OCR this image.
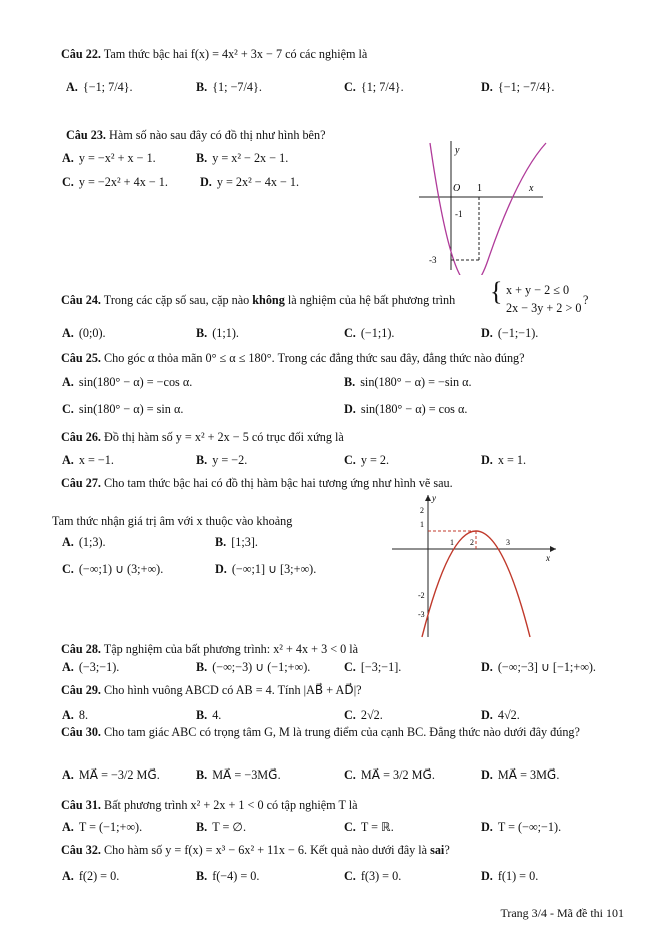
Câu 22. Tam thức bậc hai f(x) = 4x² + 3x − 7 có các nghiệm là
A. {−1; 7/4}.	B. {1; −7/4}.	C. {1; 7/4}.	D. {−1; −7/4}.
Câu 23. Hàm số nào sau đây có đồ thị như hình bên?
A. y = −x² + x − 1.	B. y = x² − 2x − 1.
C. y = −2x² + 4x − 1.	D. y = 2x² − 4x − 1.
y
O 1	x
-1
-3
Câu 24. Trong các cặp số sau, cặp nào không là nghiệm của hệ bất phương trình { x + y − 2 ≤ 0
2x − 3y + 2 > 0
?
A. (0;0).	B. (1;1).	C. (−1;1).	D. (−1;−1).
Câu 25. Cho góc α thỏa mãn 0° ≤ α ≤ 180°. Trong các đẳng thức sau đây, đẳng thức nào đúng?
A. sin(180° − α) = −cos α.	B. sin(180° − α) = −sin α.
C. sin(180° − α) = sin α.	D. sin(180° − α) = cos α.
Câu 26. Đồ thị hàm số y = x² + 2x − 5 có trục đối xứng là
A. x = −1.	B. y = −2.	C. y = 2.	D. x = 1.
Câu 27. Cho tam thức bậc hai có đồ thị hàm bậc hai tương ứng như hình vẽ sau.
Tam thức nhận giá trị âm với x thuộc vào khoảng
A. (1;3).	B. [1;3].
C. (−∞;1) ∪ (3;+∞).	D. (−∞;1] ∪ [3;+∞).
y
x
2
1
-2
-3
1 2	3
Câu 28. Tập nghiệm của bất phương trình: x² + 4x + 3 < 0 là
A. (−3;−1).	B. (−∞;−3) ∪ (−1;+∞).	C. [−3;−1].	D. (−∞;−3] ∪ [−1;+∞).
Câu 29. Cho hình vuông ABCD có AB = 4. Tính |AB⃗ + AD⃗|?
A. 8.	B. 4.	C. 2√2.	D. 4√2.
Câu 30. Cho tam giác ABC có trọng tâm G, M là trung điểm của cạnh BC. Đẳng thức nào dưới đây đúng?
A. MA⃗ = −3/2 MG⃗.	B. MA⃗ = −3MG⃗.	C. MA⃗ = 3/2 MG⃗.	D. MA⃗ = 3MG⃗.
Câu 31. Bất phương trình x² + 2x + 1 < 0 có tập nghiệm T là
A. T = (−1;+∞).	B. T = ∅.	C. T = ℝ.	D. T = (−∞;−1).
Câu 32. Cho hàm số y = f(x) = x³ − 6x² + 11x − 6. Kết quả nào dưới đây là sai?
A. f(2) = 0.	B. f(−4) = 0.	C. f(3) = 0.	D. f(1) = 0.
Trang 3/4 - Mã đề thi 101
